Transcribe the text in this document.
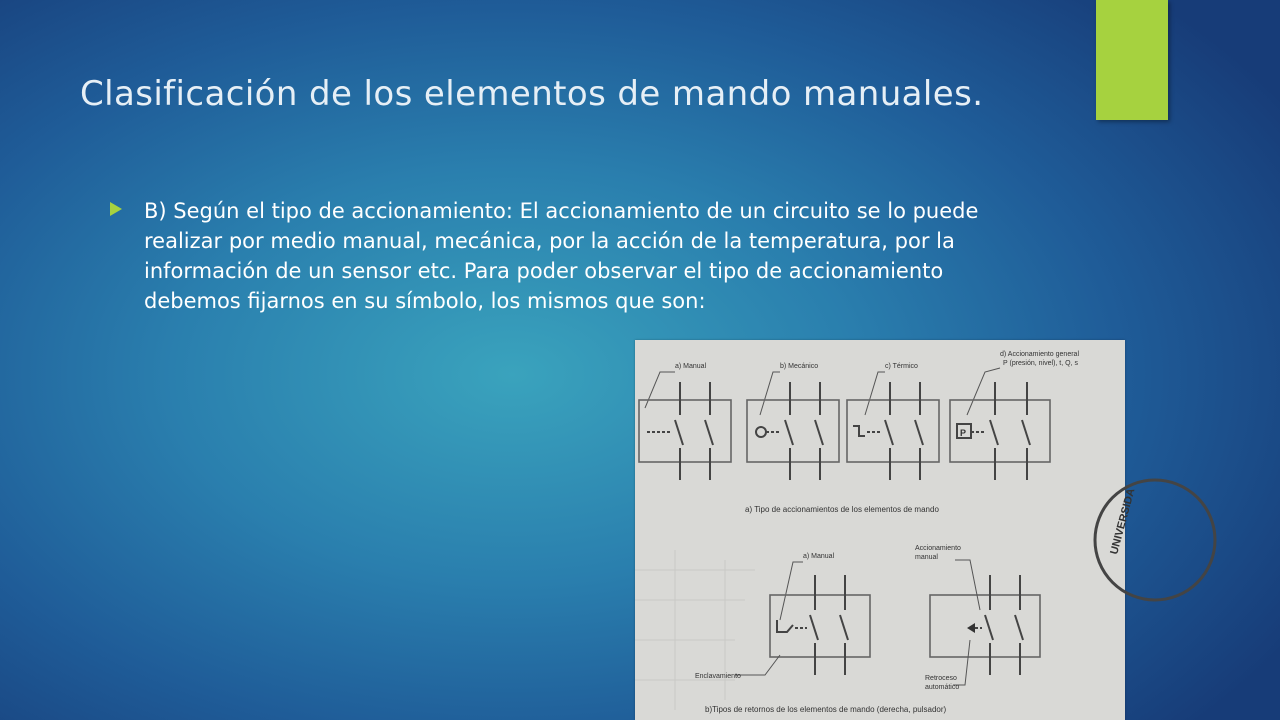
Clasificación de los elementos de mando manuales.

B) Según el tipo de accionamiento: El accionamiento de un circuito se lo puede realizar por medio manual, mecánica, por la acción de la temperatura, por la información de un sensor etc. Para poder observar el tipo de accionamiento debemos fijarnos en su símbolo, los mismos que son:

a) Manual	b) Mecánico	c) Térmico
d) Accionamiento general
P (presión, nivel), t, Q, s
P
a) Tipo de accionamientos de los elementos de mando
a) Manual
Enclavamiento
Accionamiento
manual
Retroceso
automático
b)Tipos de retornos de los elementos de mando (derecha, pulsador)
UNIVERSIDA
